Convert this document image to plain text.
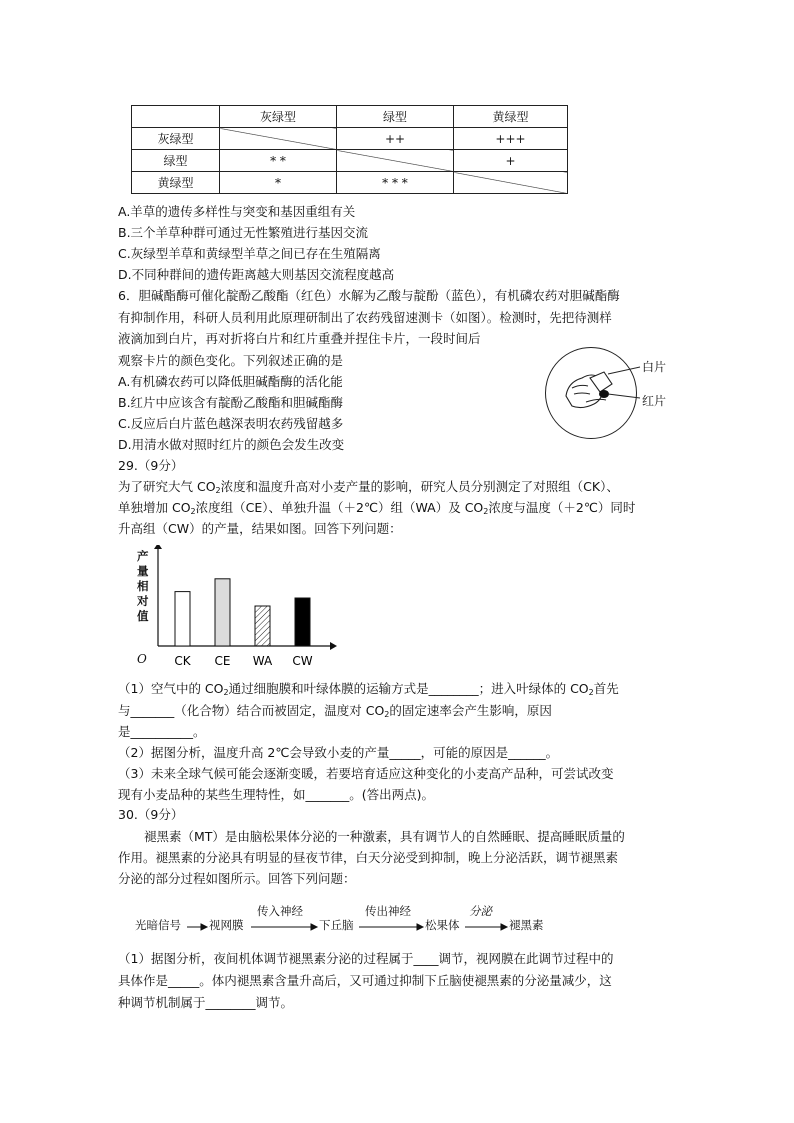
	灰绿型	绿型	黄绿型
灰绿型		++	+++
绿型	* *		+
黄绿型	*	* * *	
A.羊草的遗传多样性与突变和基因重组有关
B.三个羊草种群可通过无性繁殖进行基因交流
C.灰绿型羊草和黄绿型羊草之间已存在生殖隔离
D.不同种群间的遗传距离越大则基因交流程度越高
6．胆碱酯酶可催化靛酚乙酸酯（红色）水解为乙酸与靛酚（蓝色），有机磷农药对胆碱酯酶
有抑制作用，科研人员利用此原理研制出了农药残留速测卡（如图）。检测时，先把待测样
液滴加到白片，再对折将白片和红片重叠并捏住卡片，一段时间后
观察卡片的颜色变化。下列叙述正确的是
A.有机磷农药可以降低胆碱酯酶的活化能
B.红片中应该含有靛酚乙酸酯和胆碱酯酶
C.反应后白片蓝色越深表明农药残留越多
D.用清水做对照时红片的颜色会发生改变
白片
红片
29.（9分）
为了研究大气 $CO_2$浓度和温度升高对小麦产量的影响，研究人员分别测定了对照组（CK）、
单独增加 $CO_2$浓度组（CE）、单独升温（＋2℃）组（WA）及 $CO_2$浓度与温度（＋2℃）同时
升高组（CW）的产量，结果如图。回答下列问题：
CK CE WA CW
产量相对值
O
（1）空气中的 $CO_2$通过细胞膜和叶绿体膜的运输方式是________；进入叶绿体的 $CO_2$首先
与_______（化合物）结合而被固定，温度对 $CO_2$的固定速率会产生影响，原因
是__________。
（2）据图分析，温度升高 2℃会导致小麦的产量_____，可能的原因是______。
（3）未来全球气候可能会逐渐变暖，若要培育适应这种变化的小麦高产品种，可尝试改变
现有小麦品种的某些生理特性，如_______。(答出两点)。
30.（9分）
褪黑素（MT）是由脑松果体分泌的一种激素，具有调节人的自然睡眠、提高睡眠质量的
作用。褪黑素的分泌具有明显的昼夜节律，白天分泌受到抑制，晚上分泌活跃，调节褪黑素
分泌的部分过程如图所示。回答下列问题：
光暗信号 视网膜
传入神经
下丘脑
传出神经
松果体
分泌
褪黑素
（1）据图分析，夜间机体调节褪黑素分泌的过程属于____调节，视网膜在此调节过程中的
具体作是_____。体内褪黑素含量升高后，又可通过抑制下丘脑使褪黑素的分泌量减少，这
种调节机制属于________调节。
